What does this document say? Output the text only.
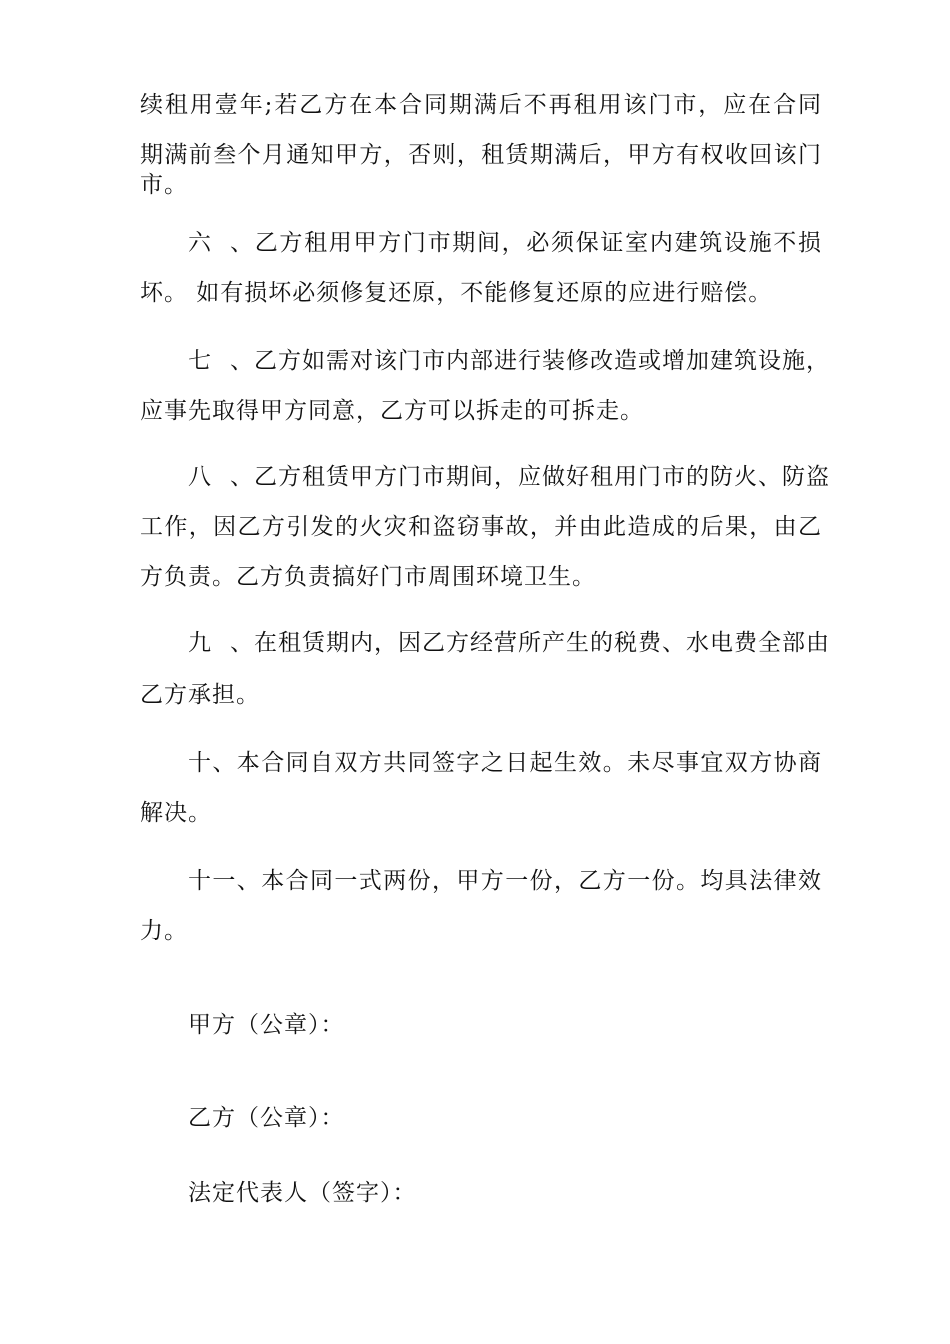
续租用壹年;若乙方在本合同期满后不再租用该门市，应在合同
期满前叁个月通知甲方，否则，租赁期满后，甲方有权收回该门
市。
六、乙方租用甲方门市期间，必须保证室内建筑设施不损
坏。 如有损坏必须修复还原，不能修复还原的应进行赔偿。
七、乙方如需对该门市内部进行装修改造或增加建筑设施，
应事先取得甲方同意，乙方可以拆走的可拆走。
八、乙方租赁甲方门市期间，应做好租用门市的防火、防盗
工作，因乙方引发的火灾和盗窃事故，并由此造成的后果，由乙
方负责。乙方负责搞好门市周围环境卫生。
九、在租赁期内，因乙方经营所产生的税费、水电费全部由
乙方承担。
十、本合同自双方共同签字之日起生效。未尽事宜双方协商
解决。
十一、本合同一式两份，甲方一份，乙方一份。均具法律效
力。
甲方（公章）：
乙方（公章）：
法定代表人（签字）：
